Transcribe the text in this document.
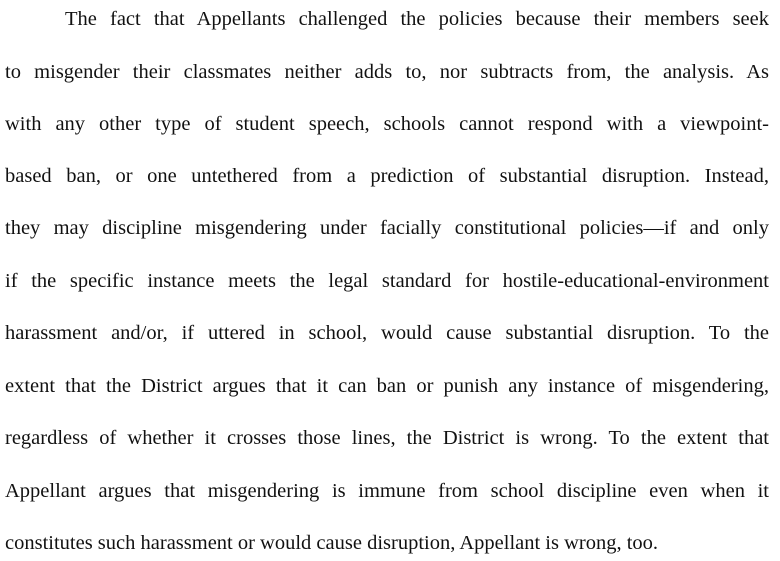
The fact that Appellants challenged the policies because their members seek
to misgender their classmates neither adds to, nor subtracts from, the analysis. As
with any other type of student speech, schools cannot respond with a viewpoint-
based ban, or one untethered from a prediction of substantial disruption. Instead,
they may discipline misgendering under facially constitutional policies—if and only
if the specific instance meets the legal standard for hostile-educational-environment
harassment and/or, if uttered in school, would cause substantial disruption. To the
extent that the District argues that it can ban or punish any instance of misgendering,
regardless of whether it crosses those lines, the District is wrong. To the extent that
Appellant argues that misgendering is immune from school discipline even when it
constitutes such harassment or would cause disruption, Appellant is wrong, too.
